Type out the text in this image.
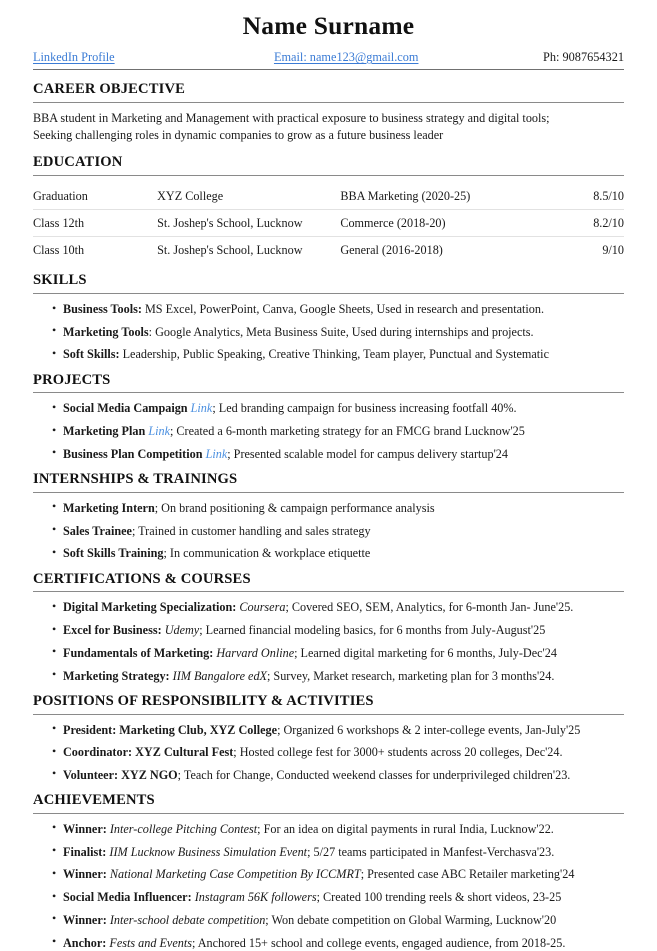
Name Surname
LinkedIn Profile	Email: name123@gmail.com	Ph: 9087654321
CAREER OBJECTIVE
BBA student in Marketing and Management with practical exposure to business strategy and digital tools;
Seeking challenging roles in dynamic companies to grow as a future business leader
EDUCATION
Graduation	XYZ College	BBA Marketing (2020-25)	8.5/10
Class 12th	St. Joshep's School, Lucknow	Commerce (2018-20)	8.2/10
Class 10th	St. Joshep's School, Lucknow	General (2016-2018)	9/10
SKILLS
• Business Tools: MS Excel, PowerPoint, Canva, Google Sheets, Used in research and presentation.
• Marketing Tools: Google Analytics, Meta Business Suite, Used during internships and projects.
• Soft Skills: Leadership, Public Speaking, Creative Thinking, Team player, Punctual and Systematic
PROJECTS
• Social Media Campaign Link; Led branding campaign for business increasing footfall 40%.
• Marketing Plan Link; Created a 6-month marketing strategy for an FMCG brand Lucknow'25
• Business Plan Competition Link; Presented scalable model for campus delivery startup'24
INTERNSHIPS & TRAININGS
• Marketing Intern; On brand positioning & campaign performance analysis
• Sales Trainee; Trained in customer handling and sales strategy
• Soft Skills Training; In communication & workplace etiquette
CERTIFICATIONS & COURSES
• Digital Marketing Specialization: Coursera; Covered SEO, SEM, Analytics, for 6-month Jan- June'25.
• Excel for Business: Udemy; Learned financial modeling basics, for 6 months from July-August'25
• Fundamentals of Marketing: Harvard Online; Learned digital marketing for 6 months, July-Dec'24
• Marketing Strategy: IIM Bangalore edX; Survey, Market research, marketing plan for 3 months'24.
POSITIONS OF RESPONSIBILITY & ACTIVITIES
• President: Marketing Club, XYZ College; Organized 6 workshops & 2 inter-college events, Jan-July'25
• Coordinator: XYZ Cultural Fest; Hosted college fest for 3000+ students across 20 colleges, Dec'24.
• Volunteer: XYZ NGO; Teach for Change, Conducted weekend classes for underprivileged children'23.
ACHIEVEMENTS
• Winner: Inter-college Pitching Contest; For an idea on digital payments in rural India, Lucknow'22.
• Finalist: IIM Lucknow Business Simulation Event; 5/27 teams participated in Manfest-Verchasva'23.
• Winner: National Marketing Case Competition By ICCMRT; Presented case ABC Retailer marketing'24
• Social Media Influencer: Instagram 56K followers; Created 100 trending reels & short videos, 23-25
• Winner: Inter-school debate competition; Won debate competition on Global Warming, Lucknow'20
• Anchor: Fests and Events; Anchored 15+ school and college events, engaged audience, from 2018-25.
